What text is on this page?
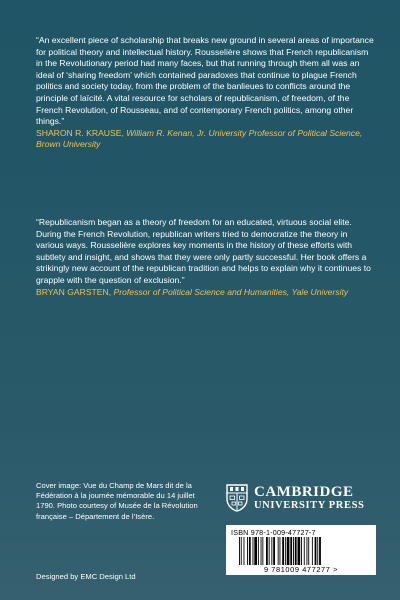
“An excellent piece of scholarship that breaks new ground in several areas of importance for political theory and intellectual history. Rousselière shows that French republicanism in the Revolutionary period had many faces, but that running through them all was an ideal of ‘sharing freedom’ which contained paradoxes that continue to plague French politics and society today, from the problem of the banlieues to conflicts around the principle of laïcité. A vital resource for scholars of republicanism, of freedom, of the French Revolution, of Rousseau, and of contemporary French politics, among other things.”

SHARON R. KRAUSE, William R. Kenan, Jr. University Professor of Political Science, Brown University

“Republicanism began as a theory of freedom for an educated, virtuous social elite. During the French Revolution, republican writers tried to democratize the theory in various ways. Rousselière explores key moments in the history of these efforts with subtlety and insight, and shows that they were only partly successful. Her book offers a strikingly new account of the republican tradition and helps to explain why it continues to grapple with the question of exclusion.”

BRYAN GARSTEN, Professor of Political Science and Humanities, Yale University

Cover image: Vue du Champ de Mars dit de la Fédération à la journée mémorable du 14 juillet 1790. Photo courtesy of Musée de la Révolution française – Département de l’Isère.
Designed by EMC Design Ltd
CAMBRIDGE
UNIVERSITY PRESS
ISBN 978-1-009-47727-7
9 781009 477277 >
